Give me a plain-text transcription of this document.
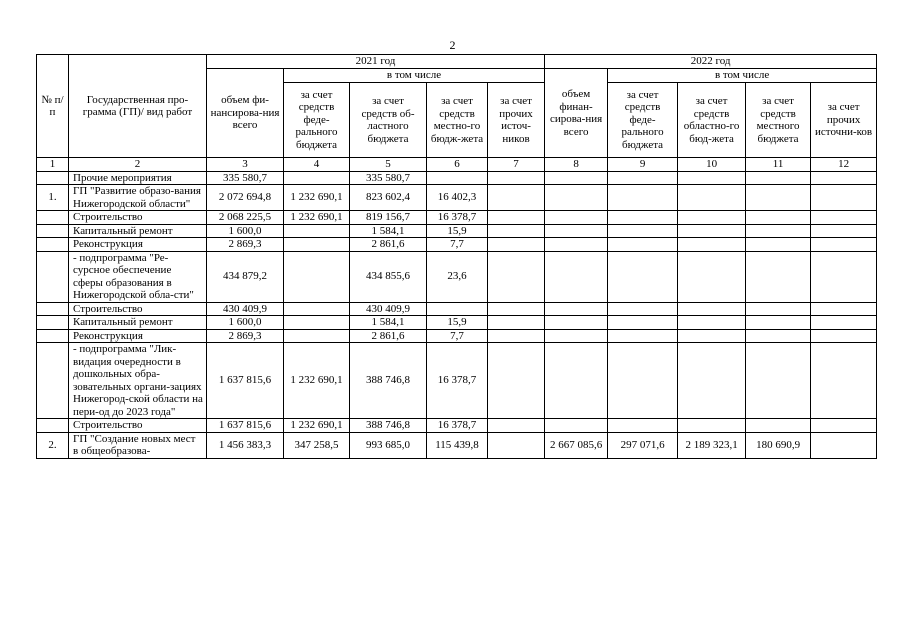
2
№ п/п	Государственная про-грамма (ГП)/ вид работ	2021 год					2022 год				
		объем фи-нансирова-ния всего	в том числе				объем финан-сирова-ния всего	в том числе			
			за счет средств феде-рального бюджета	за счет средств об-ластного бюджета	за счет средств местно-го бюдж-жета	за счет прочих источ-ников		за счет средств феде-рального бюджета	за счет средств областно-го бюд-жета	за счет средств местного бюджета	за счет прочих источни-ков
1	2	3	4	5	6	7	8	9	10	11	12
	Прочие мероприятия	335 580,7		335 580,7							
1.	ГП "Развитие образо-вания Нижегородской области"	2 072 694,8	1 232 690,1	823 602,4	16 402,3						
	Строительство	2 068 225,5	1 232 690,1	819 156,7	16 378,7						
	Капитальный ремонт	1 600,0		1 584,1	15,9						
	Реконструкция	2 869,3		2 861,6	7,7						
	- подпрограмма "Ре-сурсное обеспечение сферы образования в Нижегородской обла-сти"	434 879,2		434 855,6	23,6						
	Строительство	430 409,9		430 409,9							
	Капитальный ремонт	1 600,0		1 584,1	15,9						
	Реконструкция	2 869,3		2 861,6	7,7						
	- подпрограмма "Лик-видация очередности в дошкольных обра-зовательных органи-зациях Нижегород-ской области на пери-од до 2023 года"	1 637 815,6	1 232 690,1	388 746,8	16 378,7						
	Строительство	1 637 815,6	1 232 690,1	388 746,8	16 378,7						
2.	ГП "Создание новых мест в общеобразова-	1 456 383,3	347 258,5	993 685,0	115 439,8		2 667 085,6	297 071,6	2 189 323,1	180 690,9	
